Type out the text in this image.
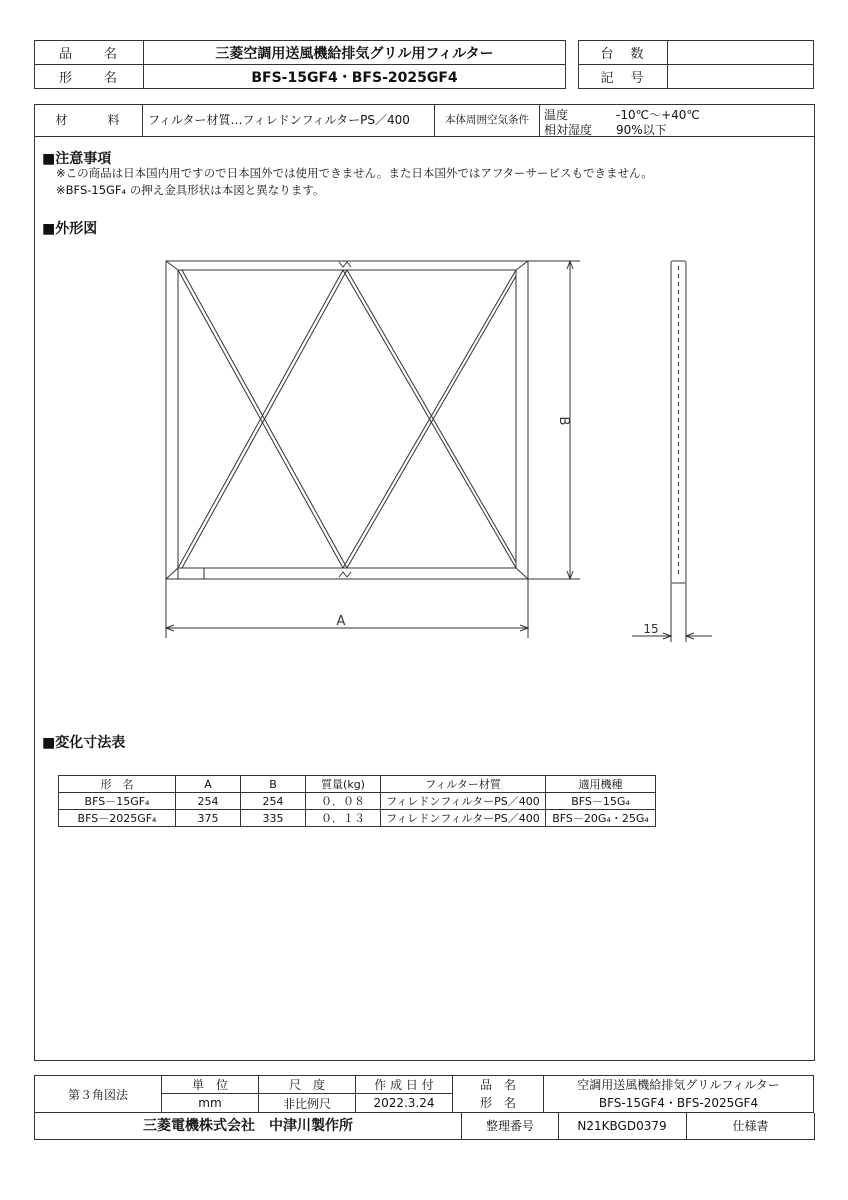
品　　名	三菱空調用送風機給排気グリル用フィルター
形　　名	BFS-15GF4・BFS-2025GF4
台　数	
記　号	
材　　　料	フィルター材質…フィレドンフィルターPS／400	本体周囲空気条件	温度	-10℃～+40℃
相対湿度 90%以下
■注意事項
※この商品は日本国内用ですので日本国外では使用できません。また日本国外ではアフターサービスもできません。
※BFS-15GF₄ の押え金具形状は本図と異なります。
■外形図
A
B
15
■変化寸法表
形　名	A	B	質量(kg)	フィルター材質	適用機種
BFS－15GF₄	254	254	０．０８	フィレドンフィルターPS／400	BFS－15G₄
BFS－2025GF₄	375	335	０．１３	フィレドンフィルターPS／400	BFS－20G₄・25G₄
第３角図法	単　位	尺　度	作 成 日 付	品　名	空調用送風機給排気グリルフィルター
	mm	非比例尺	2022.3.24	形　名	BFS-15GF4・BFS-2025GF4
三菱電機株式会社　中津川製作所	整理番号	N21KBGD0379	仕様書
